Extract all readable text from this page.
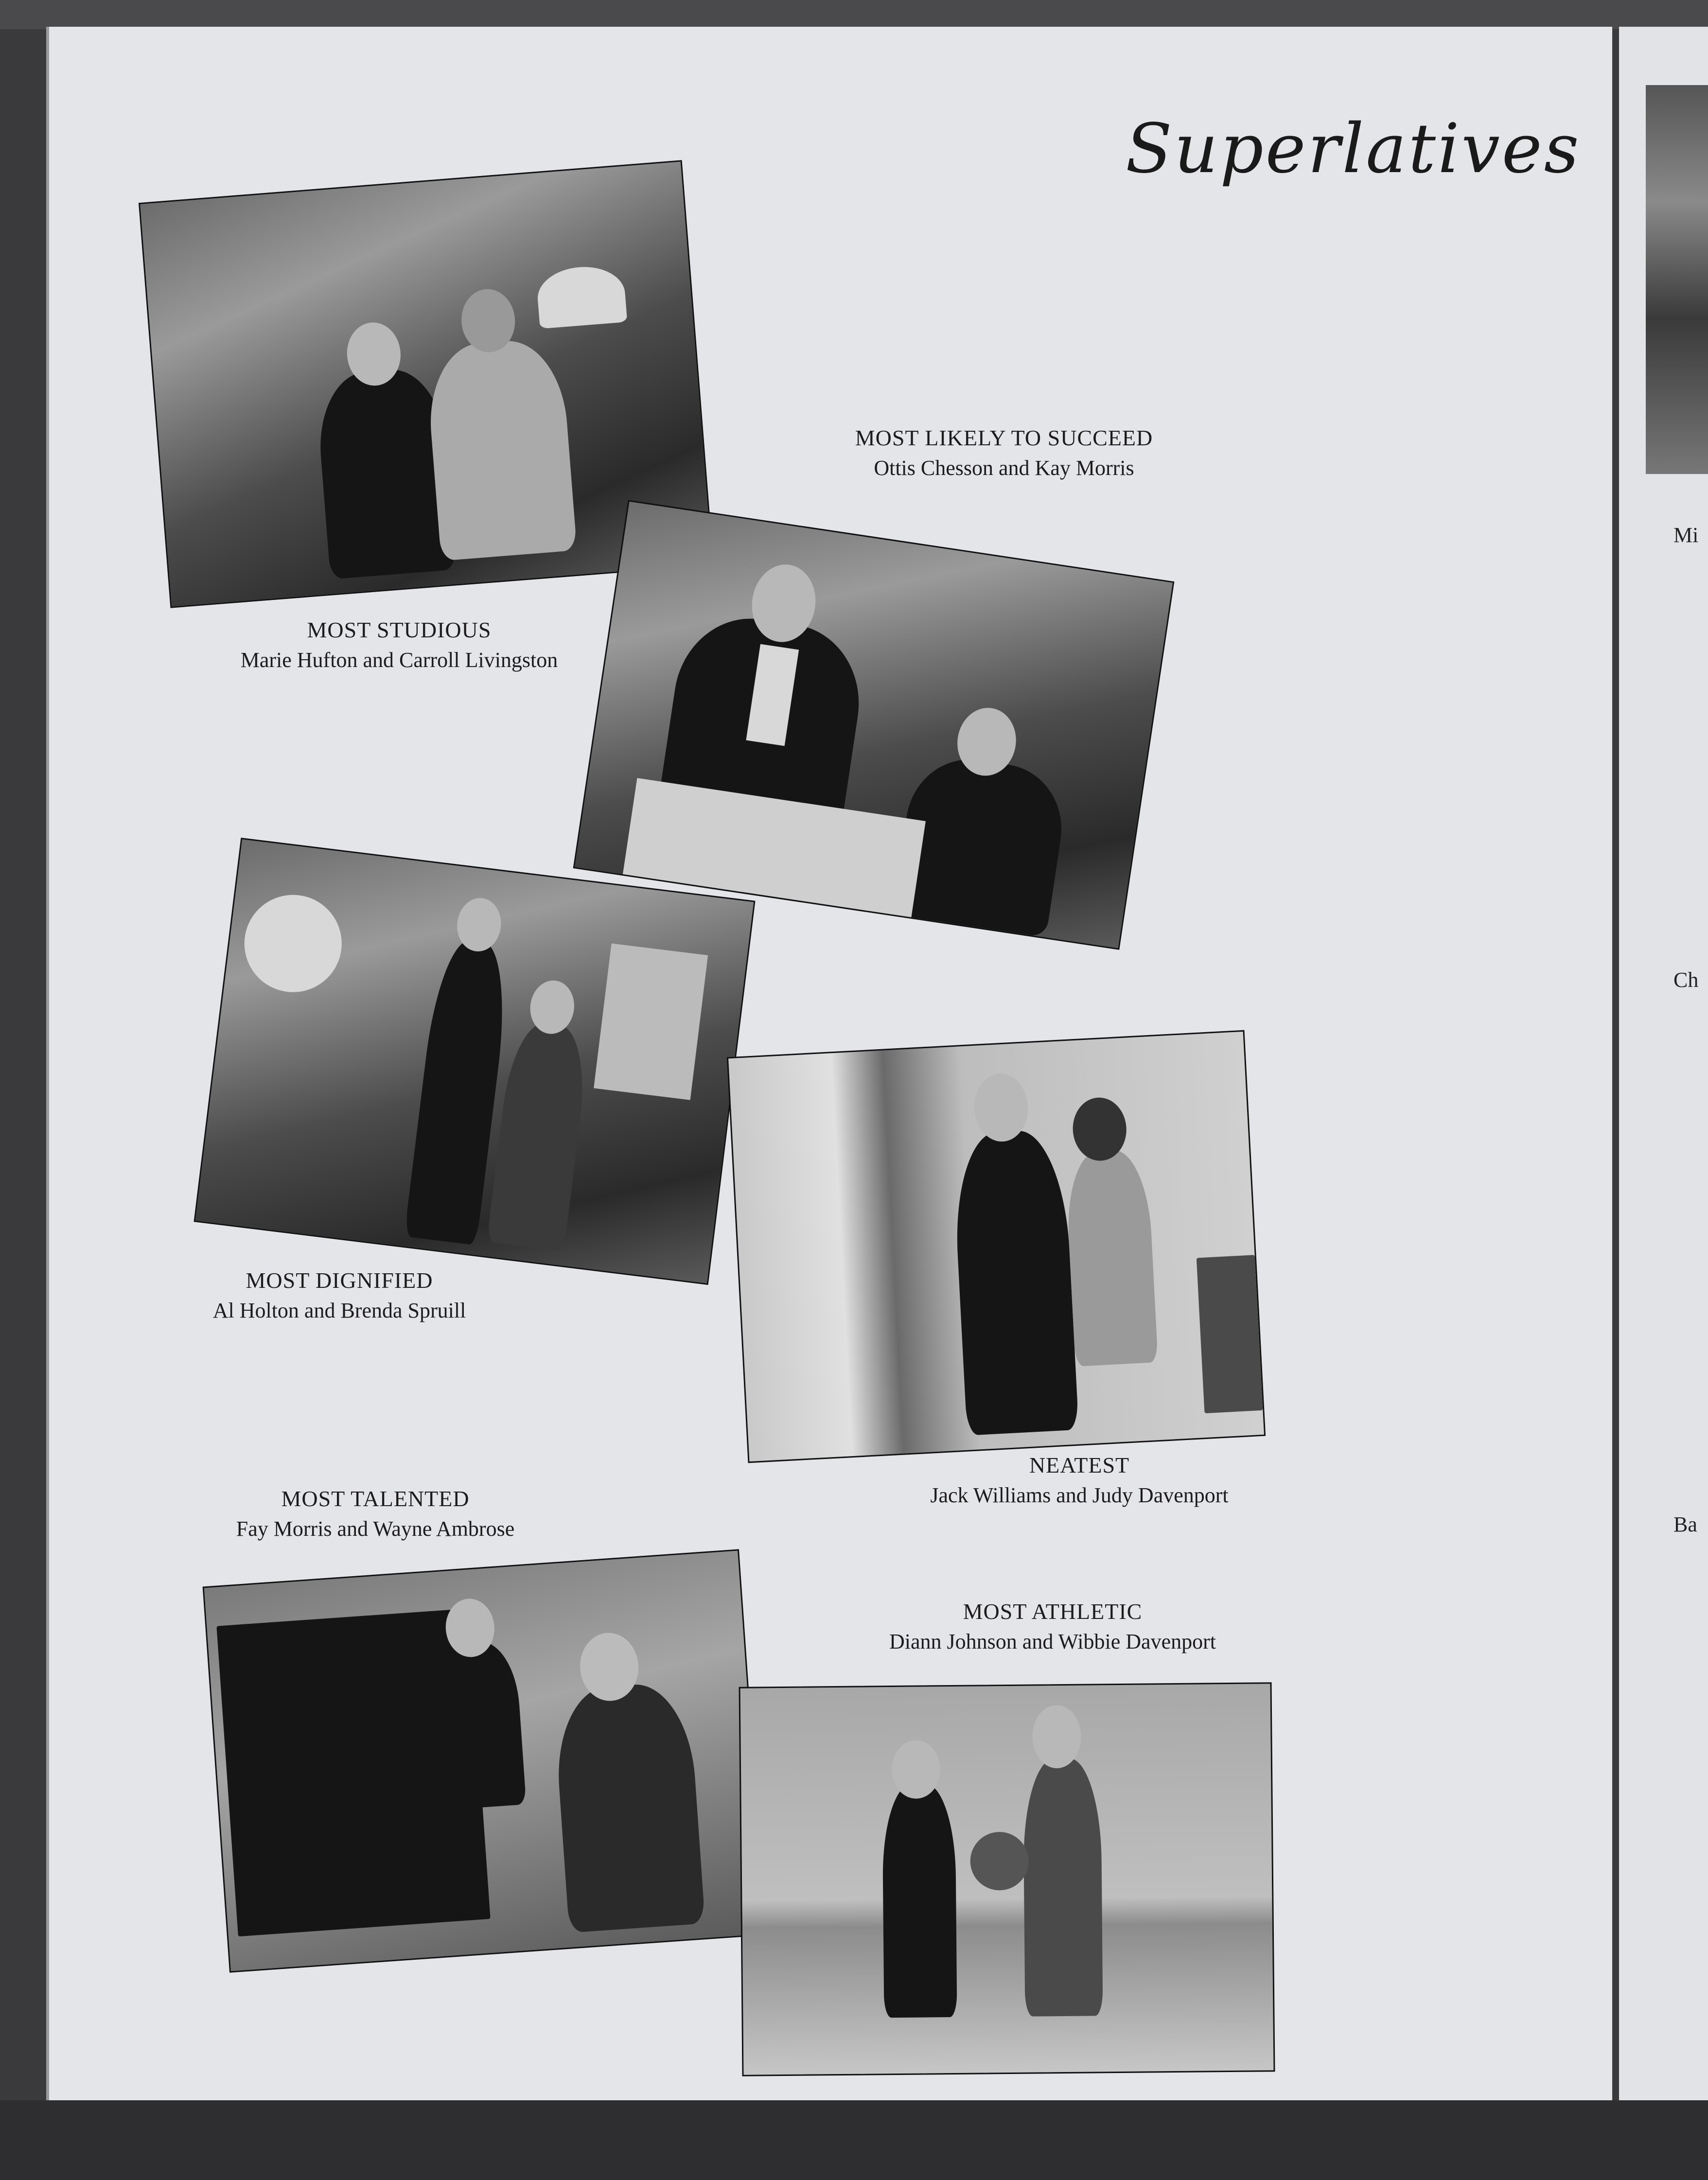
Mi
Ch
Ba
Superlatives
MOST LIKELY TO SUCCEED
Ottis Chesson and Kay Morris
MOST STUDIOUS
Marie Hufton and Carroll Livingston
MOST DIGNIFIED
Al Holton and Brenda Spruill
NEATEST
Jack Williams and Judy Davenport
MOST TALENTED
Fay Morris and Wayne Ambrose
MOST ATHLETIC
Diann Johnson and Wibbie Davenport
